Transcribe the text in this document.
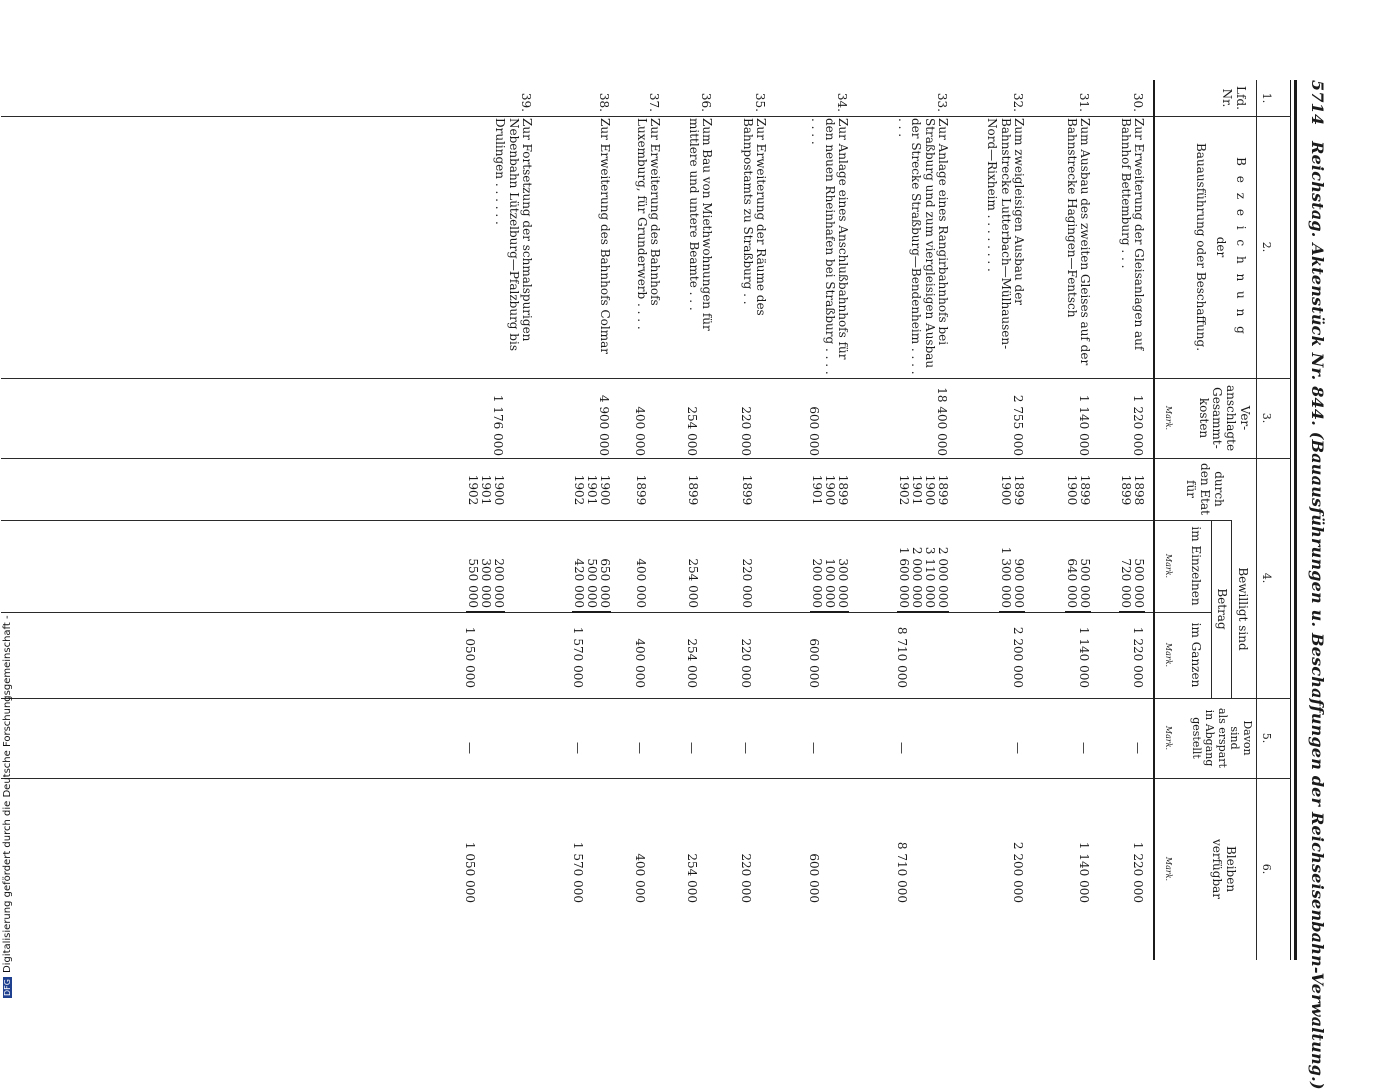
5714 Reichstag. Aktenstück Nr. 844. (Bauausführungen u. Beschaffungen der Reichseisenbahn-Verwaltung.)
1.
2.
3.
4.
5.
6.
Lfd.
Nr.
B e z e i c h n u n g
der
Bauausführung oder Beschaffung.
Ver-
anschlagte
Gesammt-
kosten
Bewilligt sind
durch
den Etat
für
Betrag
im Einzelnen
im Ganzen
Davon
sind
als erspart
in Abgang
gestellt
Bleiben
verfügbar
Mark.
Mark.
Mark.
Mark.
Mark.
30.
Zur Erweiterung der Gleisanlagen auf Bahnhof Bettemburg . . .
1 220 000
1898
1899
500 000
720 000
1 220 000
—
1 220 000
31.
Zum Ausbau des zweiten Gleises auf der Bahnstrecke Hagingen—Fentsch
1 140 000
1899
1900
500 000
640 000
1 140 000
—
1 140 000
32.
Zum zweigleisigen Ausbau der Bahnstrecke Lutterbach—Mülhausen-Nord—Rixheim . . . . . . . .
2 755 000
1899
1900
900 000
1 300 000
2 200 000
—
2 200 000
33.
Zur Anlage eines Rangirbahnhofs bei Straßburg und zum viergleisigen Ausbau der Strecke Straßburg—Bendenheim . . . . . . .
18 400 000
1899
1900
1901
1902
2 000 000
3 110 000
2 000 000
1 600 000
8 710 000
—
8 710 000
34.
Zur Anlage eines Anschlußbahnhofs für den neuen Rheinhafen bei Straßburg . . . . . . . .
600 000
1899
1900
1901
300 000
100 000
200 000
600 000
—
600 000
35.
Zur Erweiterung der Räume des Bahnpostamts zu Straßburg . .
220 000
1899
220 000
220 000
—
220 000
36.
Zum Bau von Miethwohnungen für mittlere und untere Beamte . . .
254 000
1899
254 000
254 000
—
254 000
37.
Zur Erweiterung des Bahnhofs Luxemburg, für Grunderwerb . . . .
400 000
1899
400 000
400 000
—
400 000
38.
Zur Erweiterung des Bahnhofs Colmar
4 900 000
1900
1901
1902
650 000
500 000
420 000
1 570 000
—
1 570 000
39.
Zur Fortsetzung der schmalspurigen Nebenbahn Lützelburg—Pfalzburg bis Drulingen . . . . . .
1 176 000
1900
1901
1902
200 000
300 000
550 000
1 050 000
—
1 050 000
DFGDigitalisierung gefördert durch die Deutsche Forschungsgemeinschaft -
